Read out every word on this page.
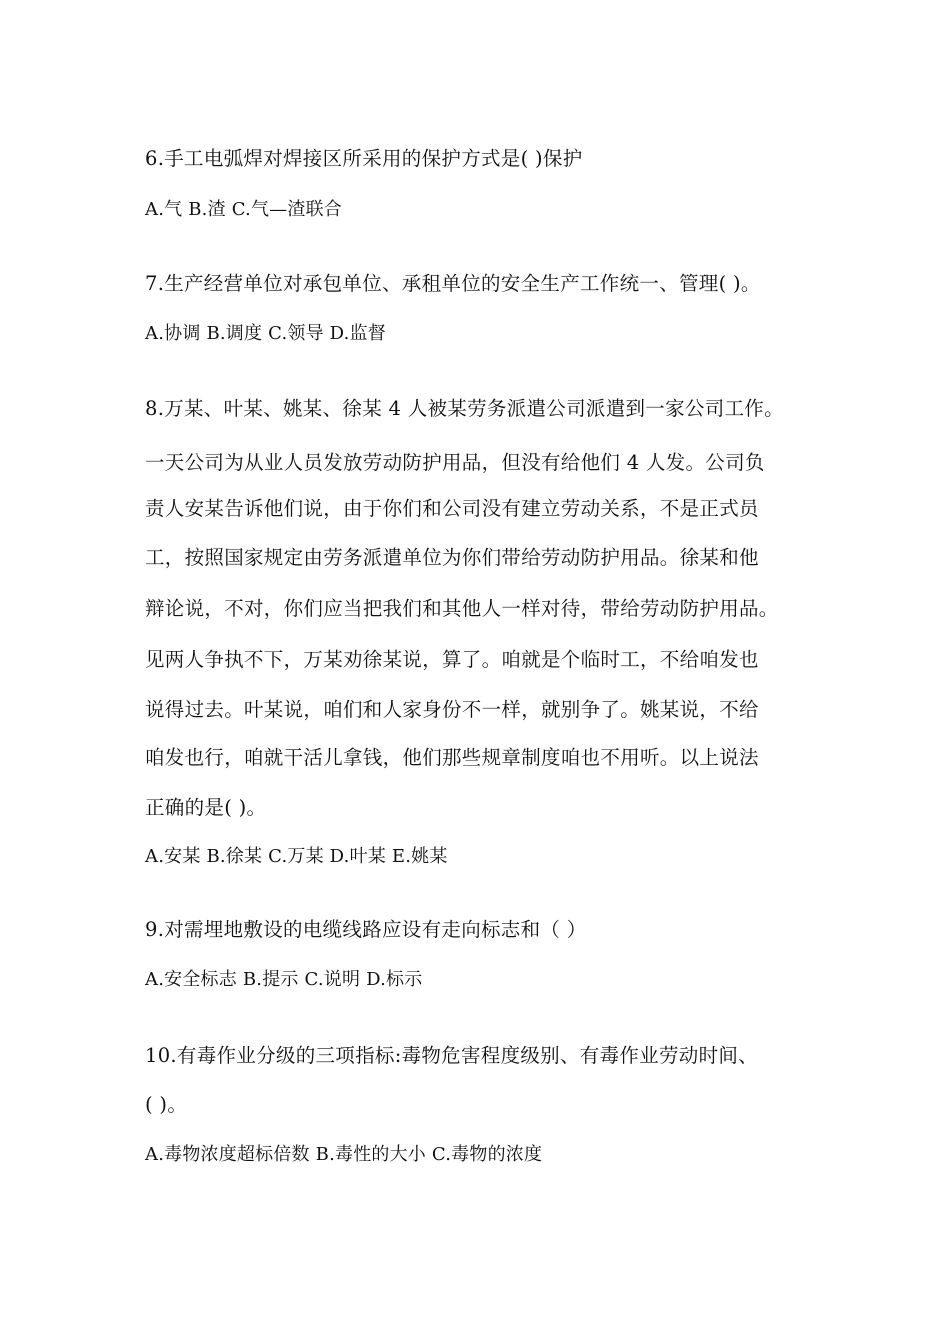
6.手工电弧焊对焊接区所采用的保护方式是( )保护
A.气 B.渣 C.气—渣联合
7.生产经营单位对承包单位、承租单位的安全生产工作统一、管理( )。
A.协调 B.调度 C.领导 D.监督
8.万某、叶某、姚某、徐某 4 人被某劳务派遣公司派遣到一家公司工作。
一天公司为从业人员发放劳动防护用品，但没有给他们 4 人发。公司负
责人安某告诉他们说，由于你们和公司没有建立劳动关系，不是正式员
工，按照国家规定由劳务派遣单位为你们带给劳动防护用品。徐某和他
辩论说，不对，你们应当把我们和其他人一样对待，带给劳动防护用品。
见两人争执不下，万某劝徐某说，算了。咱就是个临时工，不给咱发也
说得过去。叶某说，咱们和人家身份不一样，就别争了。姚某说，不给
咱发也行，咱就干活儿拿钱，他们那些规章制度咱也不用听。以上说法
正确的是( )。
A.安某 B.徐某 C.万某 D.叶某 E.姚某
9.对需埋地敷设的电缆线路应设有走向标志和（ ）
A.安全标志 B.提示 C.说明 D.标示
10.有毒作业分级的三项指标:毒物危害程度级别、有毒作业劳动时间、
( )。
A.毒物浓度超标倍数 B.毒性的大小 C.毒物的浓度
